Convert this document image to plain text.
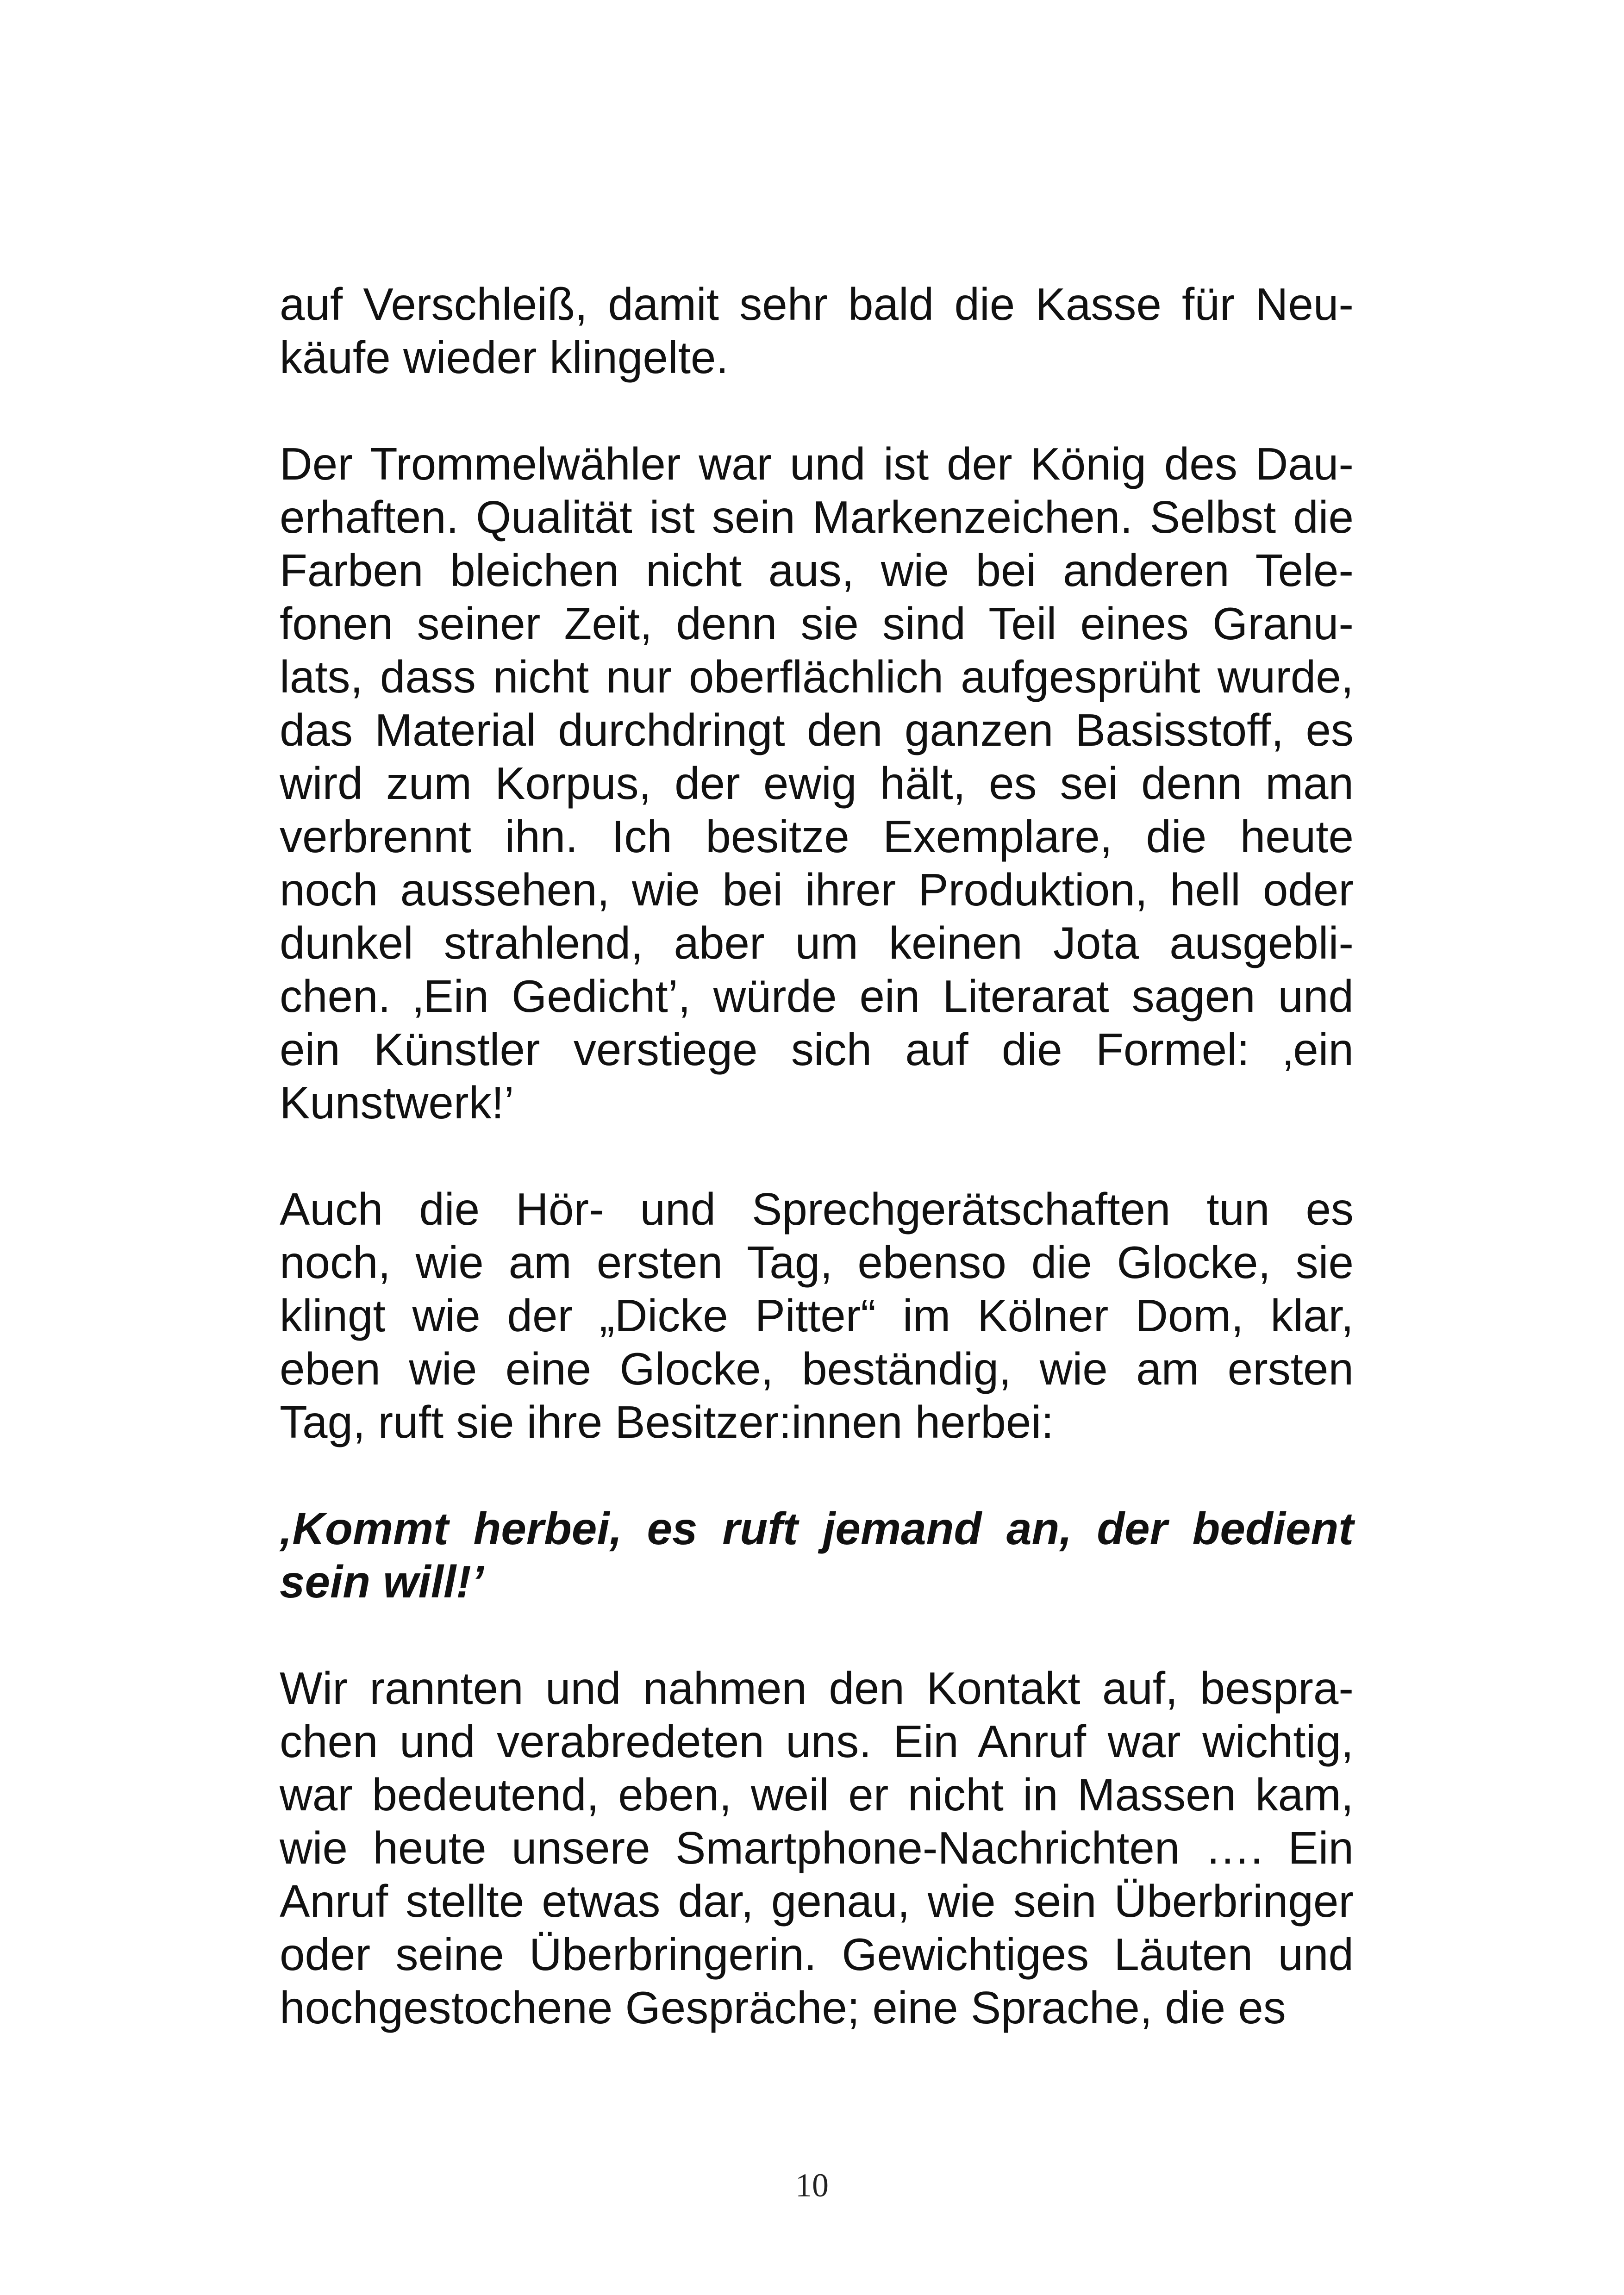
auf Verschleiß, damit sehr bald die Kasse für Neu-
käufe wieder klingelte.
Der Trommelwähler war und ist der König des Dau-
erhaften. Qualität ist sein Markenzeichen. Selbst die
Farben bleichen nicht aus, wie bei anderen Tele-
fonen seiner Zeit, denn sie sind Teil eines Granu-
lats, dass nicht nur oberflächlich aufgesprüht wurde,
das Material durchdringt den ganzen Basisstoff, es
wird zum Korpus, der ewig hält, es sei denn man
verbrennt ihn. Ich besitze Exemplare, die heute
noch aussehen, wie bei ihrer Produktion, hell oder
dunkel strahlend, aber um keinen Jota ausgebli-
chen. ‚Ein Gedicht’, würde ein Literarat sagen und
ein Künstler verstiege sich auf die Formel: ‚ein
Kunstwerk!’
Auch die Hör- und Sprechgerätschaften tun es
noch, wie am ersten Tag, ebenso die Glocke, sie
klingt wie der „Dicke Pitter“ im Kölner Dom, klar,
eben wie eine Glocke, beständig, wie am ersten
Tag, ruft sie ihre Besitzer:innen herbei:
‚Kommt herbei, es ruft jemand an, der bedient
sein will!’
Wir rannten und nahmen den Kontakt auf, bespra-
chen und verabredeten uns. Ein Anruf war wichtig,
war bedeutend, eben, weil er nicht in Massen kam,
wie heute unsere Smartphone-Nachrichten …. Ein
Anruf stellte etwas dar, genau, wie sein Überbringer
oder seine Überbringerin. Gewichtiges Läuten und
hochgestochene Gespräche; eine Sprache, die es
10
